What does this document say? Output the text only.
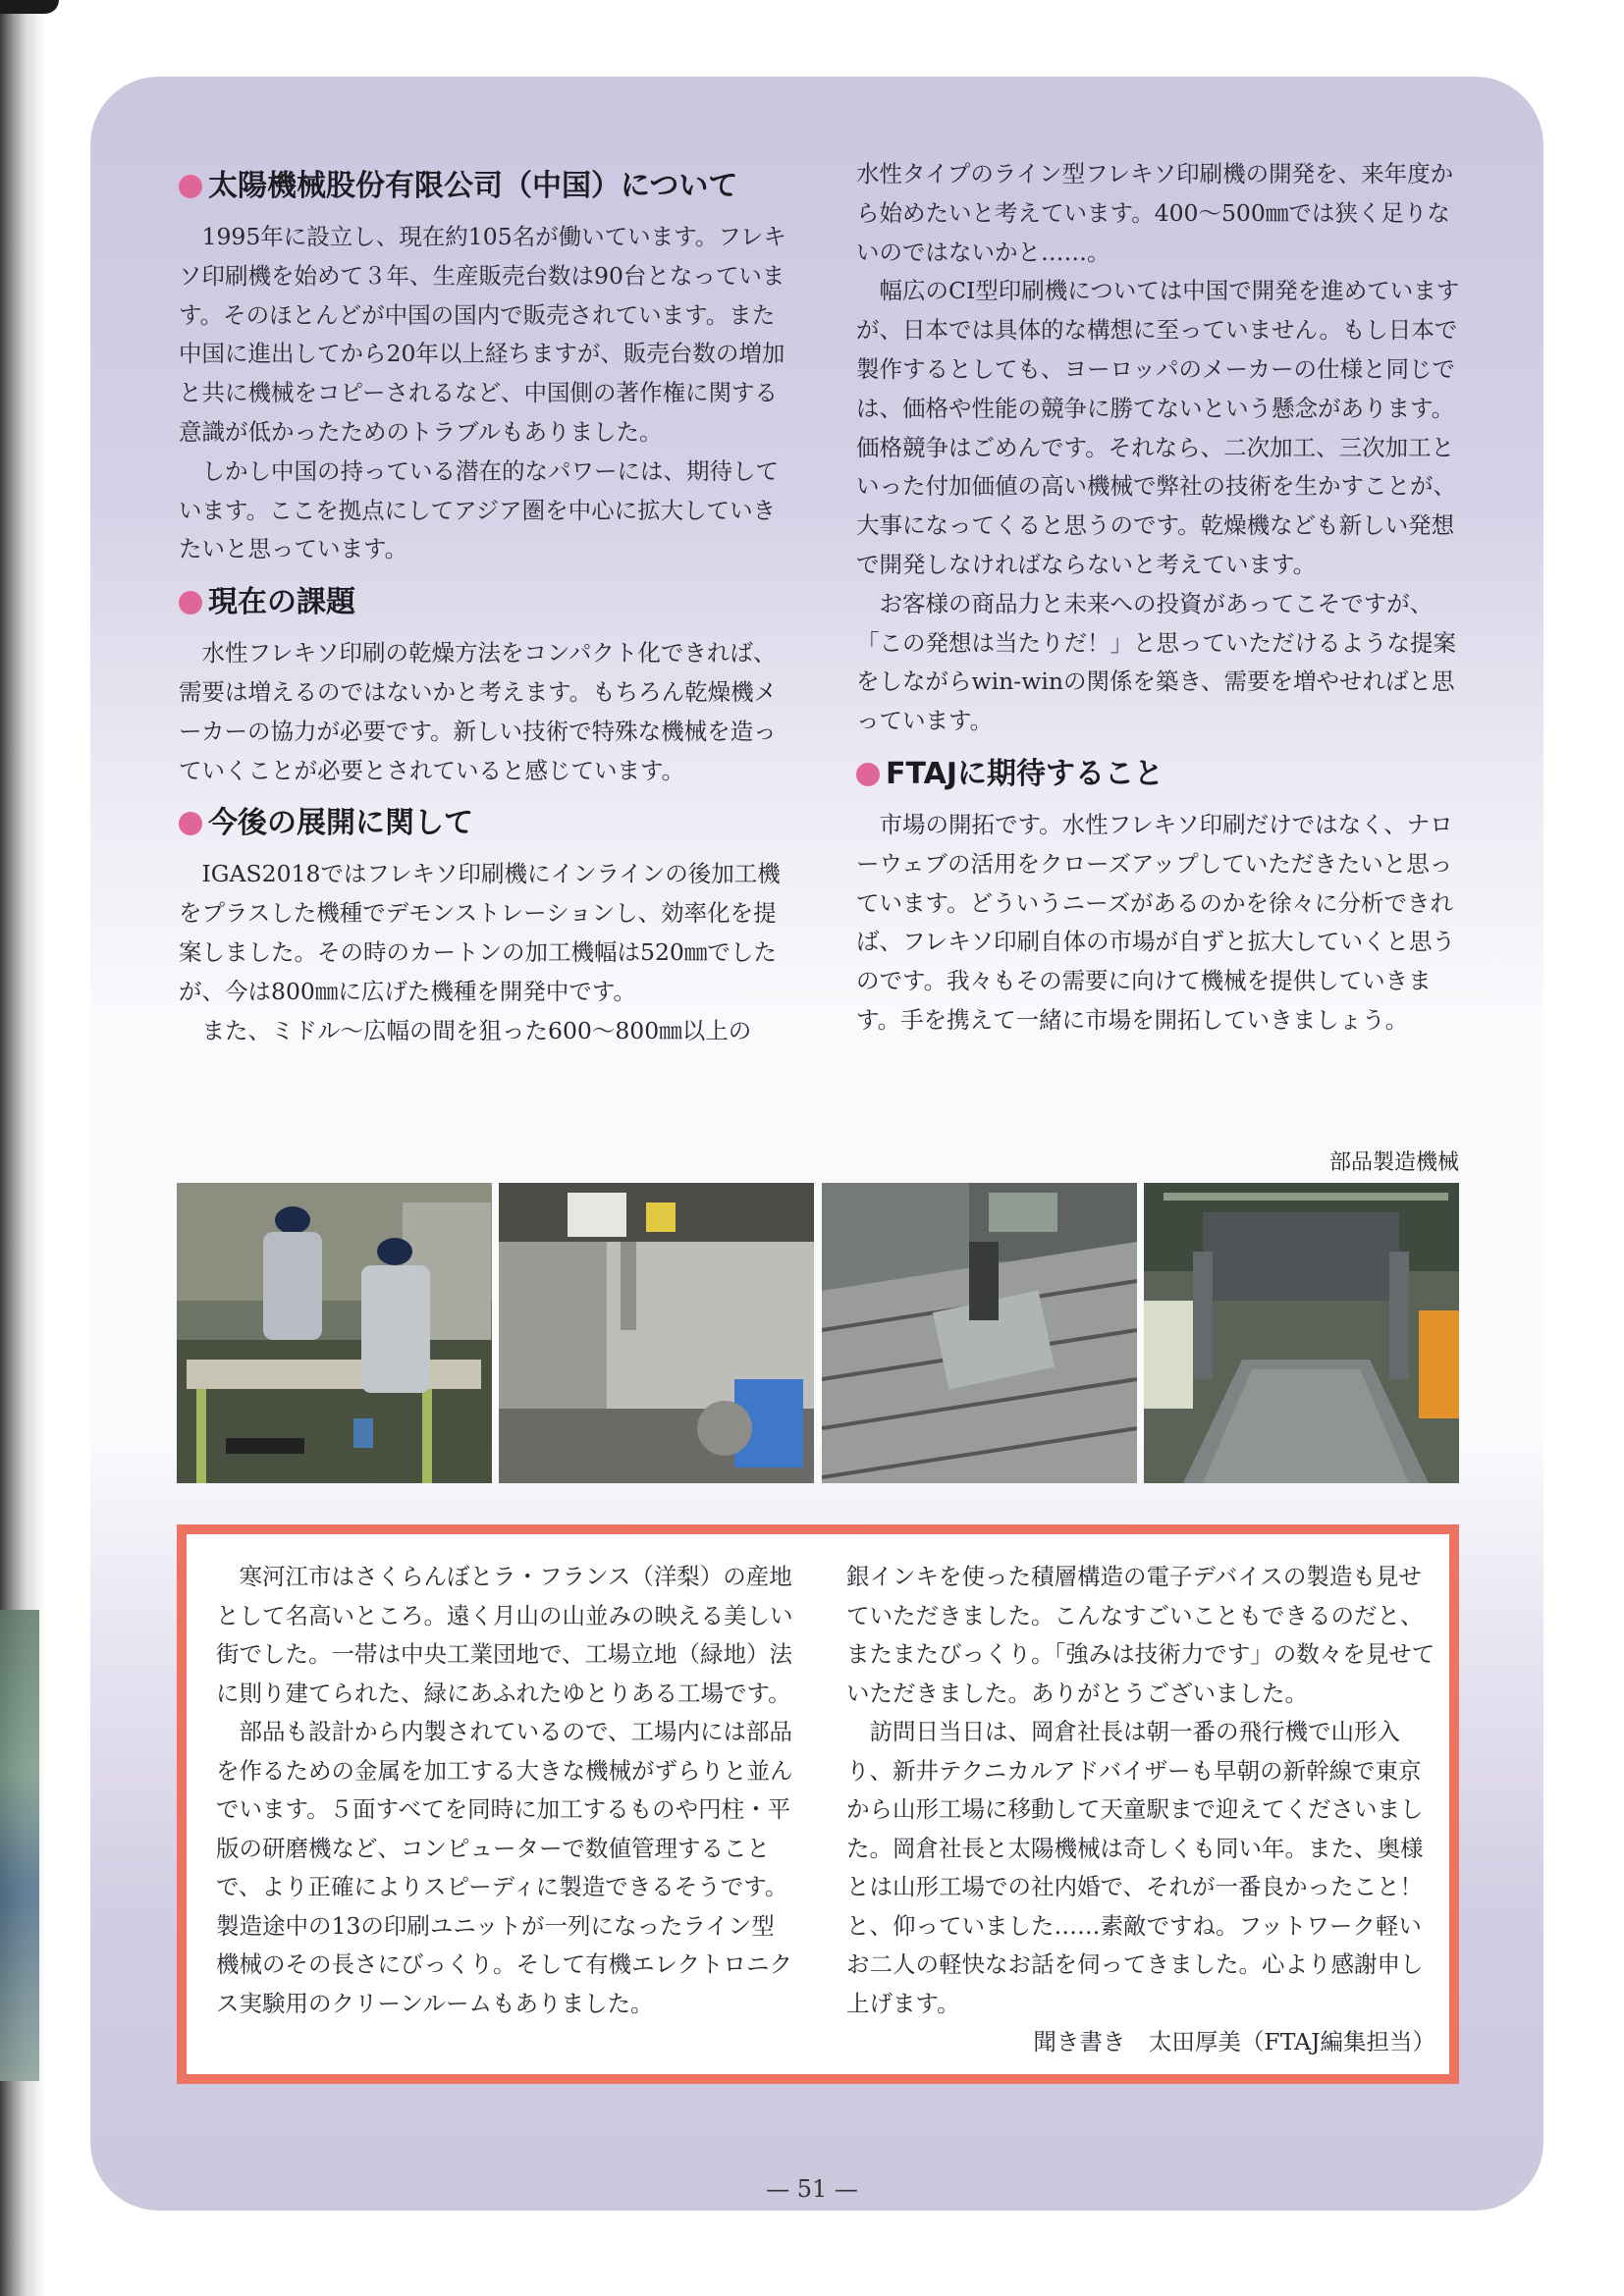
太陽機械股份有限公司（中国）について

1995年に設立し、現在約105名が働いています。フレキソ印刷機を始めて３年、生産販売台数は90台となっています。そのほとんどが中国の国内で販売されています。また中国に進出してから20年以上経ちますが、販売台数の増加と共に機械をコピーされるなど、中国側の著作権に関する意識が低かったためのトラブルもありました。

しかし中国の持っている潜在的なパワーには、期待しています。ここを拠点にしてアジア圏を中心に拡大していきたいと思っています。

現在の課題

水性フレキソ印刷の乾燥方法をコンパクト化できれば、需要は増えるのではないかと考えます。もちろん乾燥機メーカーの協力が必要です。新しい技術で特殊な機械を造っていくことが必要とされていると感じています。

今後の展開に関して

IGAS2018ではフレキソ印刷機にインラインの後加工機をプラスした機種でデモンストレーションし、効率化を提案しました。その時のカートンの加工機幅は520㎜でしたが、今は800㎜に広げた機種を開発中です。

また、ミドル～広幅の間を狙った600～800㎜以上の

水性タイプのライン型フレキソ印刷機の開発を、来年度から始めたいと考えています。400～500㎜では狭く足りないのではないかと……。

幅広のCI型印刷機については中国で開発を進めていますが、日本では具体的な構想に至っていません。もし日本で製作するとしても、ヨーロッパのメーカーの仕様と同じでは、価格や性能の競争に勝てないという懸念があります。価格競争はごめんです。それなら、二次加工、三次加工といった付加価値の高い機械で弊社の技術を生かすことが、大事になってくると思うのです。乾燥機なども新しい発想で開発しなければならないと考えています。

お客様の商品力と未来への投資があってこそですが、「この発想は当たりだ！」と思っていただけるような提案をしながらwin-winの関係を築き、需要を増やせればと思っています。

FTAJに期待すること

市場の開拓です。水性フレキソ印刷だけではなく、ナローウェブの活用をクローズアップしていただきたいと思っています。どういうニーズがあるのかを徐々に分析できれば、フレキソ印刷自体の市場が自ずと拡大していくと思うのです。我々もその需要に向けて機械を提供していきます。手を携えて一緒に市場を開拓していきましょう。

部品製造機械

寒河江市はさくらんぼとラ・フランス（洋梨）の産地として名高いところ。遠く月山の山並みの映える美しい街でした。一帯は中央工業団地で、工場立地（緑地）法に則り建てられた、緑にあふれたゆとりある工場です。

部品も設計から内製されているので、工場内には部品を作るための金属を加工する大きな機械がずらりと並んでいます。５面すべてを同時に加工するものや円柱・平版の研磨機など、コンピューターで数値管理することで、より正確によりスピーディに製造できるそうです。製造途中の13の印刷ユニットが一列になったライン型機械のその長さにびっくり。そして有機エレクトロニクス実験用のクリーンルームもありました。

銀インキを使った積層構造の電子デバイスの製造も見せていただきました。こんなすごいこともできるのだと、またまたびっくり。「強みは技術力です」の数々を見せていただきました。ありがとうございました。

訪問日当日は、岡倉社長は朝一番の飛行機で山形入り、新井テクニカルアドバイザーも早朝の新幹線で東京から山形工場に移動して天童駅まで迎えてくださいました。岡倉社長と太陽機械は奇しくも同い年。また、奥様とは山形工場での社内婚で、それが一番良かったこと！と、仰っていました……素敵ですね。フットワーク軽いお二人の軽快なお話を伺ってきました。心より感謝申し上げます。

聞き書き　太田厚美（FTAJ編集担当）

— 51 —
